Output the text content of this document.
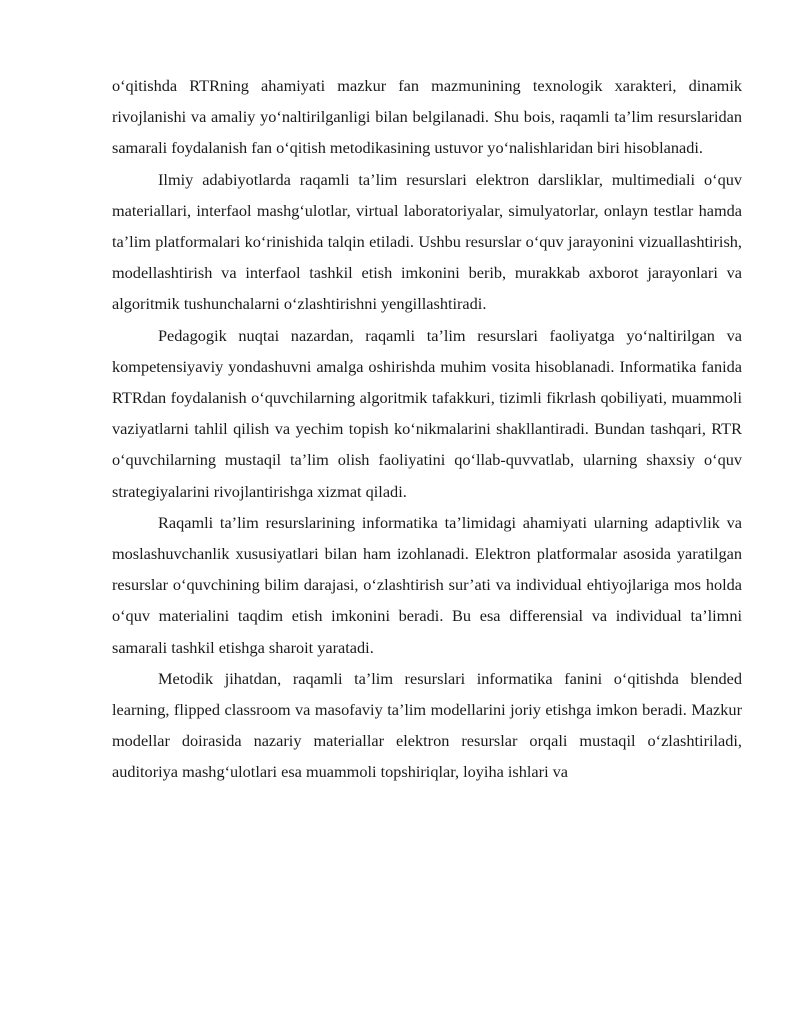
o‘qitishda RTRning ahamiyati mazkur fan mazmunining texnologik xarakteri, dinamik rivojlanishi va amaliy yo‘naltirilganligi bilan belgilanadi. Shu bois, raqamli ta’lim resurslaridan samarali foydalanish fan o‘qitish metodikasining ustuvor yo‘nalishlaridan biri hisoblanadi.

Ilmiy adabiyotlarda raqamli ta’lim resurslari elektron darsliklar, multimediali o‘quv materiallari, interfaol mashg‘ulotlar, virtual laboratoriyalar, simulyatorlar, onlayn testlar hamda ta’lim platformalari ko‘rinishida talqin etiladi. Ushbu resurslar o‘quv jarayonini vizuallashtirish, modellashtirish va interfaol tashkil etish imkonini berib, murakkab axborot jarayonlari va algoritmik tushunchalarni o‘zlashtirishni yengillashtiradi.

Pedagogik nuqtai nazardan, raqamli ta’lim resurslari faoliyatga yo‘naltirilgan va kompetensiyaviy yondashuvni amalga oshirishda muhim vosita hisoblanadi. Informatika fanida RTRdan foydalanish o‘quvchilarning algoritmik tafakkuri, tizimli fikrlash qobiliyati, muammoli vaziyatlarni tahlil qilish va yechim topish ko‘nikmalarini shakllantiradi. Bundan tashqari, RTR o‘quvchilarning mustaqil ta’lim olish faoliyatini qo‘llab-quvvatlab, ularning shaxsiy o‘quv strategiyalarini rivojlantirishga xizmat qiladi.

Raqamli ta’lim resurslarining informatika ta’limidagi ahamiyati ularning adaptivlik va moslashuvchanlik xususiyatlari bilan ham izohlanadi. Elektron platformalar asosida yaratilgan resurslar o‘quvchining bilim darajasi, o‘zlashtirish sur’ati va individual ehtiyojlariga mos holda o‘quv materialini taqdim etish imkonini beradi. Bu esa differensial va individual ta’limni samarali tashkil etishga sharoit yaratadi.

Metodik jihatdan, raqamli ta’lim resurslari informatika fanini o‘qitishda blended learning, flipped classroom va masofaviy ta’lim modellarini joriy etishga imkon beradi. Mazkur modellar doirasida nazariy materiallar elektron resurslar orqali mustaqil o‘zlashtiriladi, auditoriya mashg‘ulotlari esa muammoli topshiriqlar, loyiha ishlari va
